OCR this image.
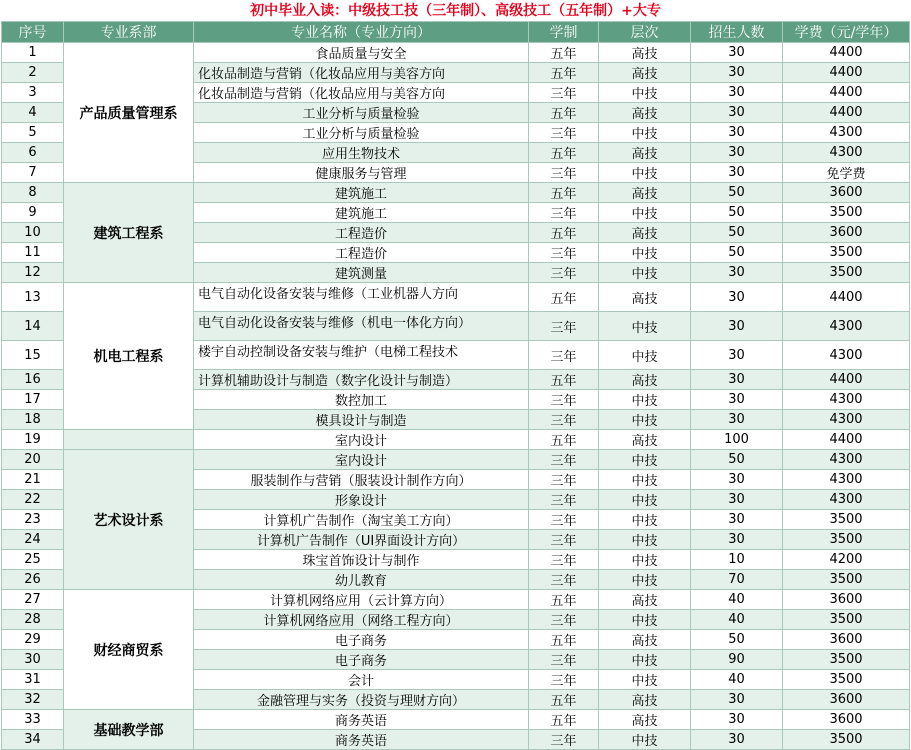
初中毕业入读：中级技工技（三年制）、高级技工（五年制）+大专
序号	专业系部	专业名称（专业方向）	学制	层次	招生人数	学费（元/学年）
1	产品质量管理系	食品质量与安全	五年	高技	30	4400
2		化妆品制造与营销（化妆品应用与美容方向	五年	高技	30	4400
3		化妆品制造与营销（化妆品应用与美容方向	三年	中技	30	4400
4		工业分析与质量检验	五年	高技	30	4400
5		工业分析与质量检验	三年	中技	30	4300
6		应用生物技术	五年	高技	30	4300
7		健康服务与管理	三年	中技	30	免学费
8	建筑工程系	建筑施工	五年	高技	50	3600
9		建筑施工	三年	中技	50	3500
10		工程造价	五年	高技	50	3600
11		工程造价	三年	中技	50	3500
12		建筑测量	三年	中技	30	3500
13	机电工程系	电气自动化设备安装与维修（工业机器人方向	五年	高技	30	4400
14		电气自动化设备安装与维修（机电一体化方向）	三年	中技	30	4300
15		楼宇自动控制设备安装与维护（电梯工程技术	三年	中技	30	4300
16		计算机辅助设计与制造（数字化设计与制造）	五年	高技	30	4400
17		数控加工	三年	中技	30	4300
18		模具设计与制造	三年	中技	30	4300
19		室内设计	五年	高技	100	4400
20	艺术设计系	室内设计	三年	中技	50	4300
21		服装制作与营销（服装设计制作方向）	三年	中技	30	4300
22		形象设计	三年	中技	30	4300
23		计算机广告制作（淘宝美工方向）	三年	中技	30	3500
24		计算机广告制作（UI界面设计方向）	三年	中技	30	3500
25		珠宝首饰设计与制作	三年	中技	10	4200
26		幼儿教育	三年	中技	70	3500
27	财经商贸系	计算机网络应用（云计算方向）	五年	高技	40	3600
28		计算机网络应用（网络工程方向）	三年	中技	40	3500
29		电子商务	五年	高技	50	3600
30		电子商务	三年	中技	90	3500
31		会计	三年	中技	40	3500
32		金融管理与实务（投资与理财方向）	五年	高技	30	3600
33	基础教学部	商务英语	五年	高技	30	3600
34		商务英语	三年	中技	30	3500
